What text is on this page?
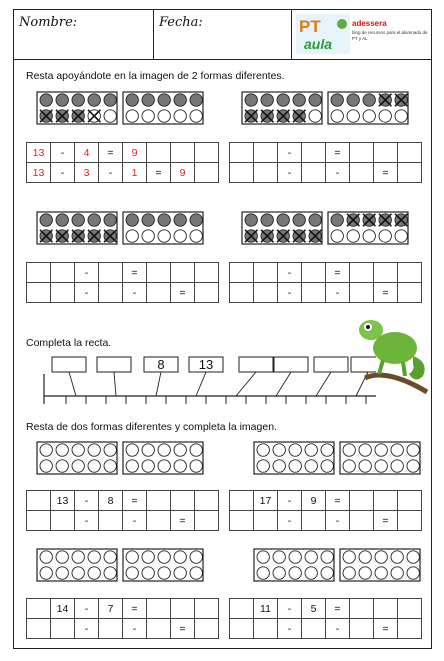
Nombre:	Fecha:	PT
aula
adessera
blog de recursos para el alumnado de PT y AL
Resta apoyándote en la imagen de 2 formas diferentes.
13	-	4	=	9			
13	-	3	-	1	=	9	
		-		=			
		-		-		=	
		-		=			
		-		-		=	
		-		=			
		-		-		=	
Completa la recta.
8	13
Resta de dos formas diferentes y completa la imagen.
	13	-	8	=			
		-		-		=	
	17	-	9	=			
		-		-		=	
	14	-	7	=			
		-		-		=	
	11	-	5	=			
		-		-		=	
